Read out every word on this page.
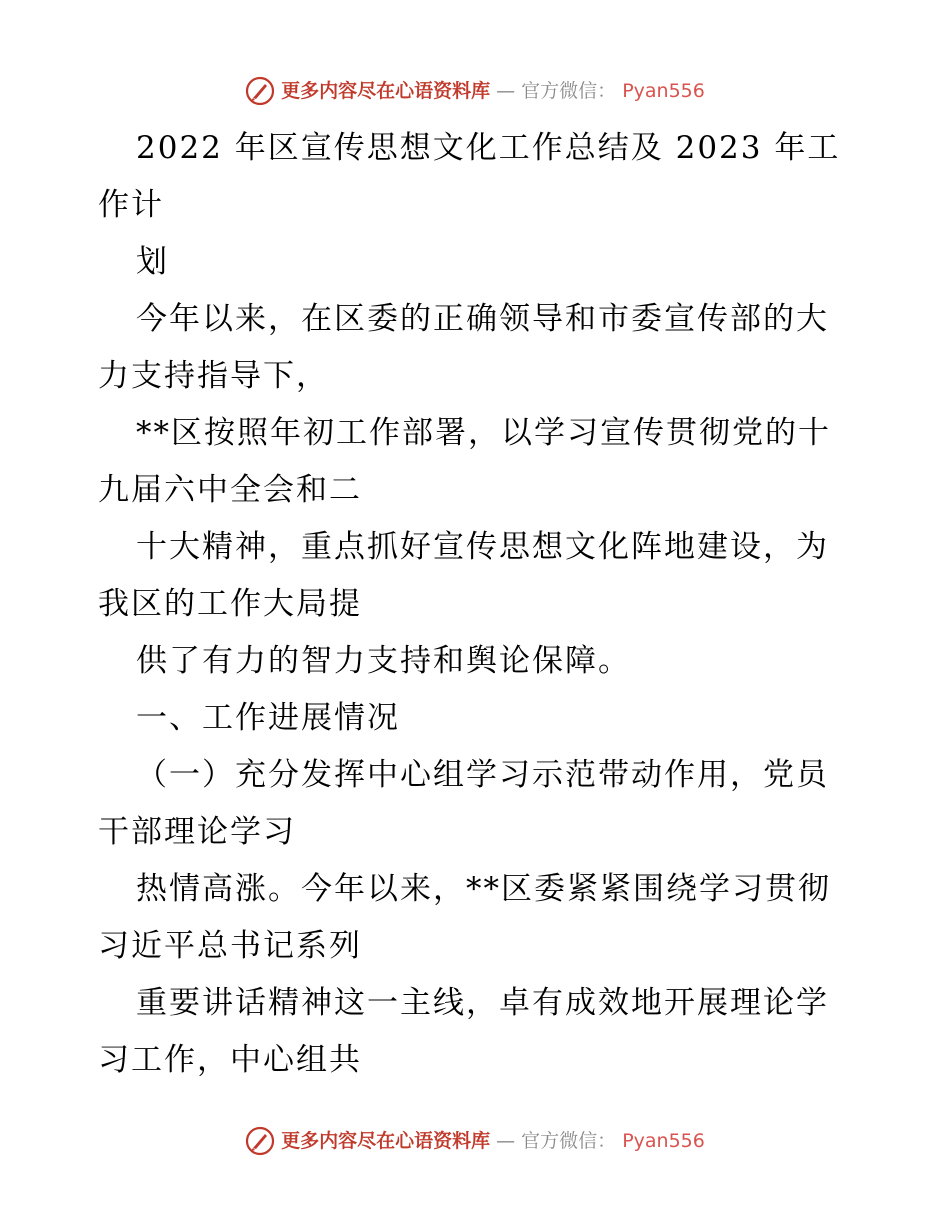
更多内容尽在心语资料库 — 官方微信： Pyan556
2022 年区宣传思想文化工作总结及 2023 年工
作计
划
今年以来，在区委的正确领导和市委宣传部的大
力支持指导下，
**区按照年初工作部署，以学习宣传贯彻党的十
九届六中全会和二
十大精神，重点抓好宣传思想文化阵地建设，为
我区的工作大局提
供了有力的智力支持和舆论保障。
一、工作进展情况
（一）充分发挥中心组学习示范带动作用，党员
干部理论学习
热情高涨。今年以来，**区委紧紧围绕学习贯彻
习近平总书记系列
重要讲话精神这一主线，卓有成效地开展理论学
习工作，中心组共
更多内容尽在心语资料库 — 官方微信： Pyan556
